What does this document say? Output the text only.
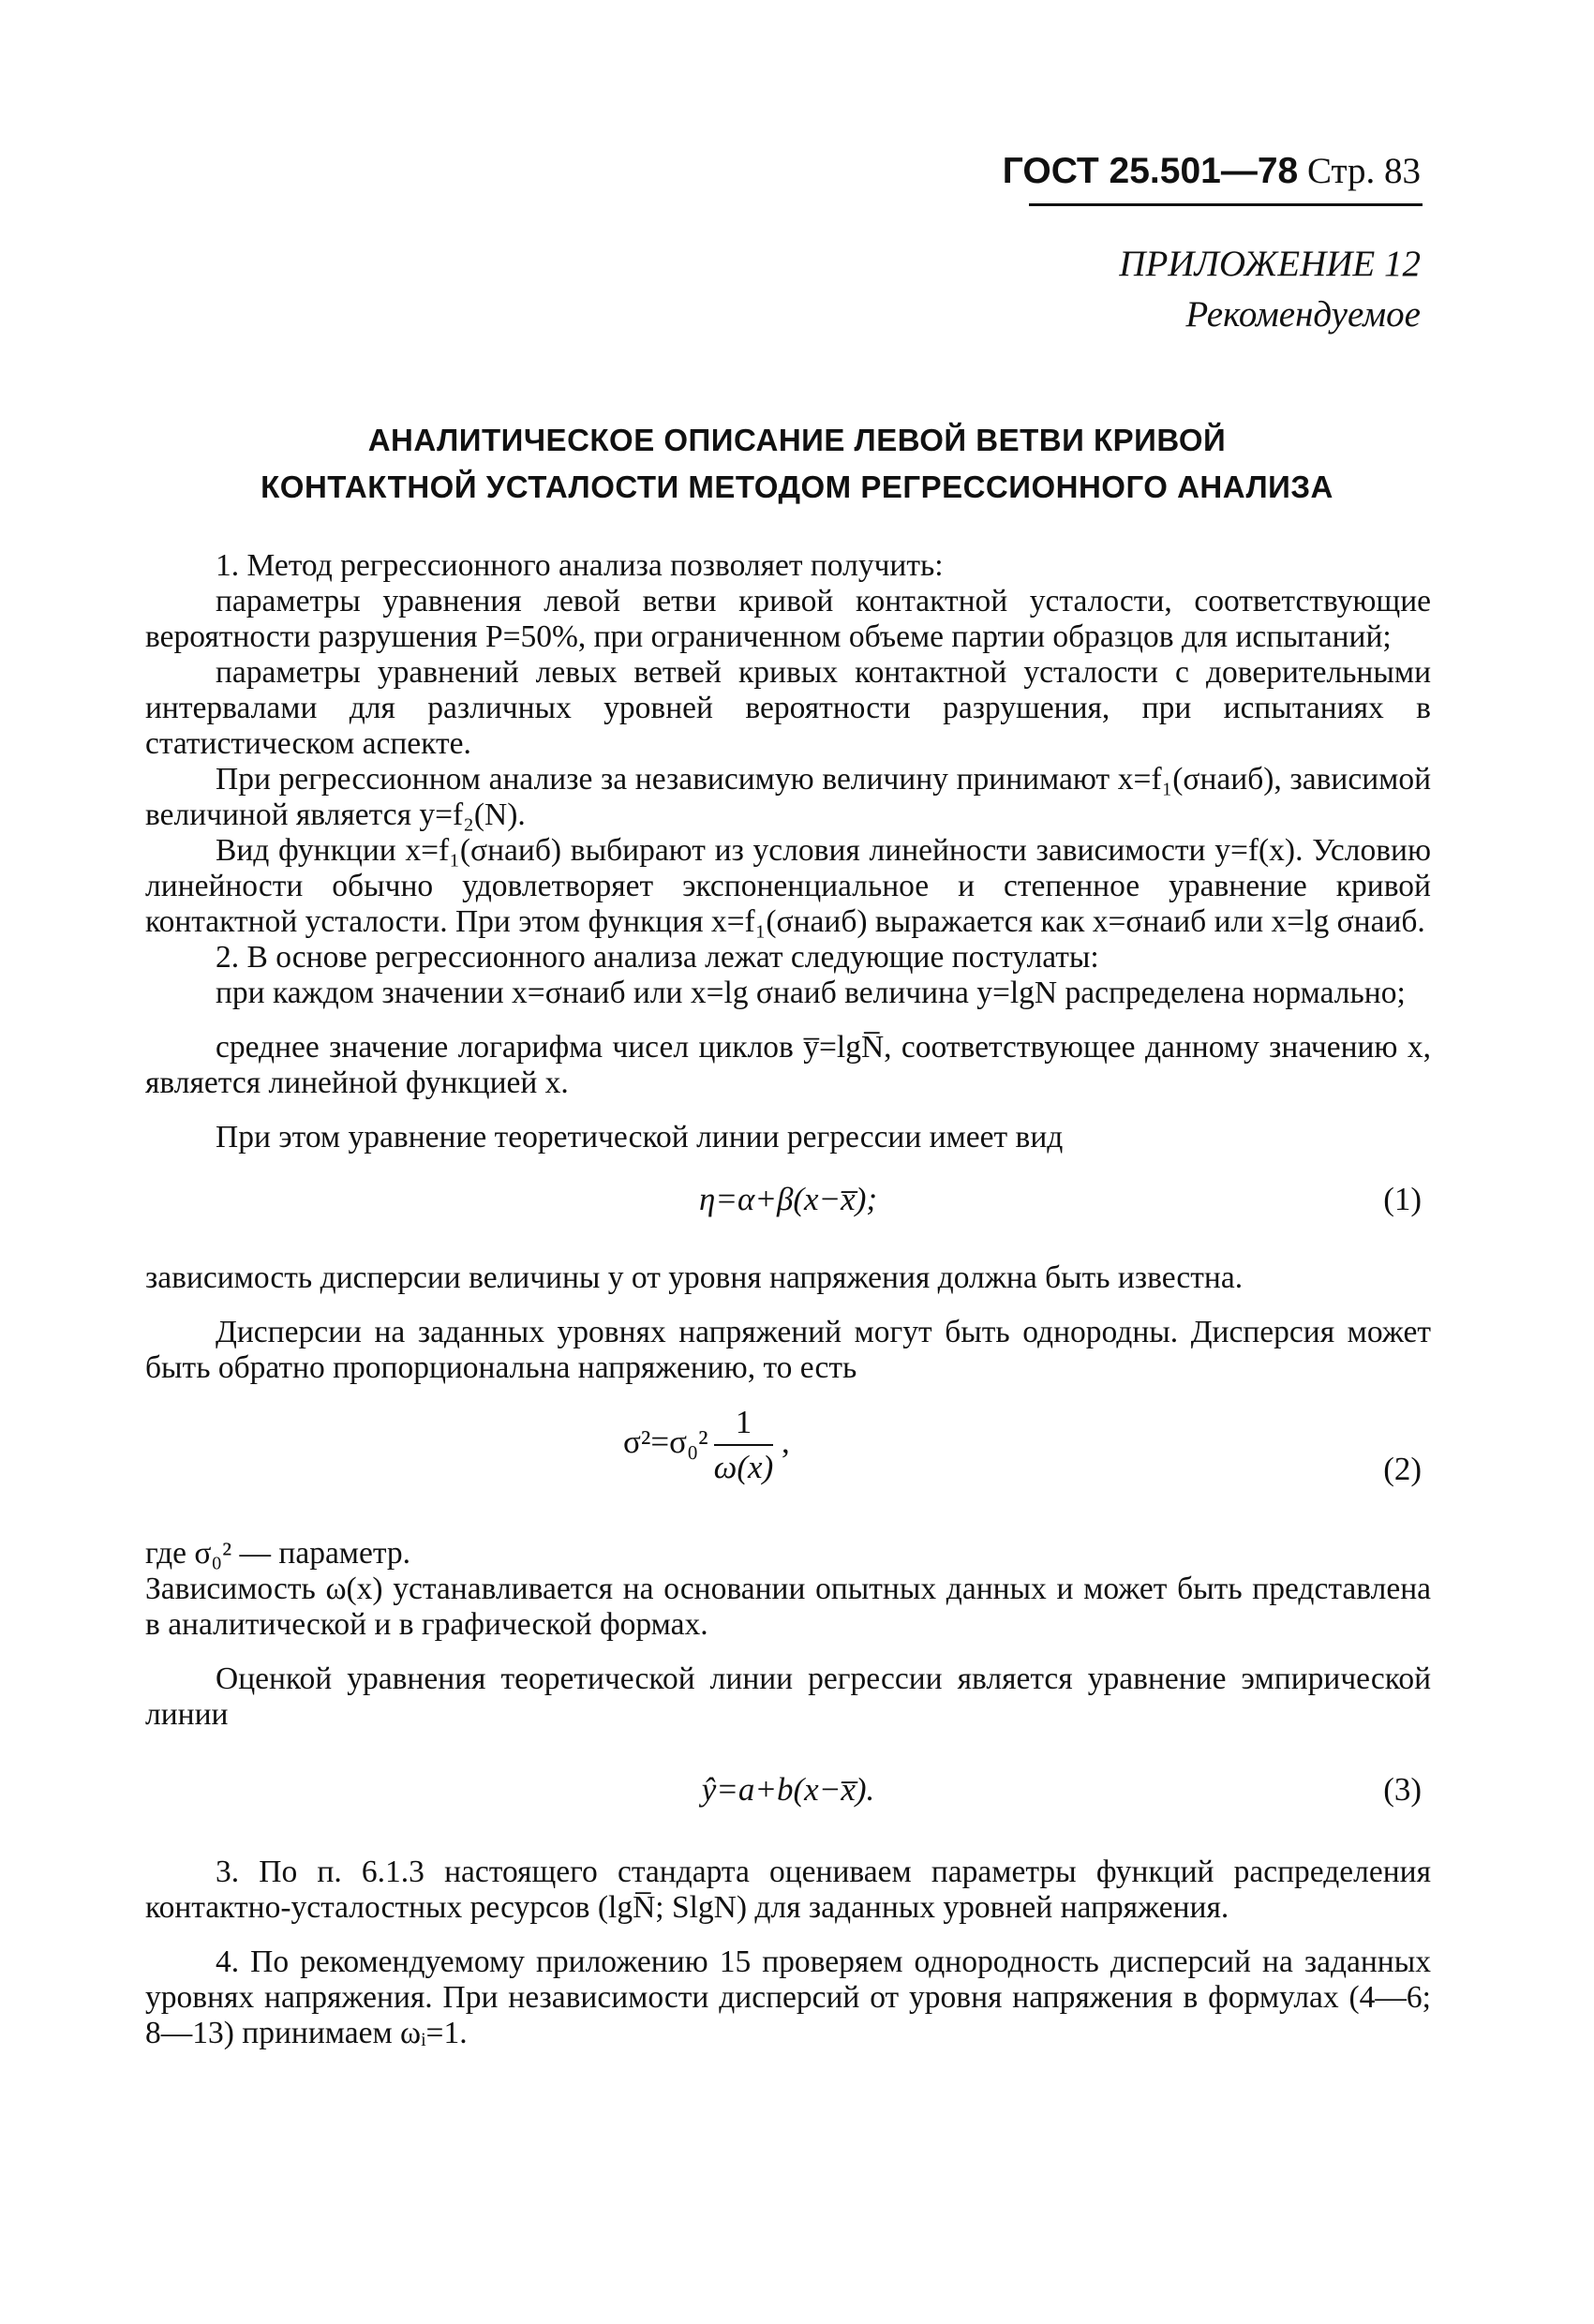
ГОСТ 25.501—78 Стр. 83
ПРИЛОЖЕНИЕ 12
Рекомендуемое
АНАЛИТИЧЕСКОЕ ОПИСАНИЕ ЛЕВОЙ ВЕТВИ КРИВОЙ
КОНТАКТНОЙ УСТАЛОСТИ МЕТОДОМ РЕГРЕССИОННОГО АНАЛИЗА

1. Метод регрессионного анализа позволяет получить:

параметры уравнения левой ветви кривой контактной усталости, соответствующие вероятности разрушения P=50%, при ограниченном объеме партии образцов для испытаний;

параметры уравнений левых ветвей кривых контактной усталости с доверительными интервалами для различных уровней вероятности разрушения, при испытаниях в статистическом аспекте.

При регрессионном анализе за независимую величину принимают x=f₁(σнаиб), зависимой величиной является y=f₂(N).

Вид функции x=f₁(σнаиб) выбирают из условия линейности зависимости y=f(x). Условию линейности обычно удовлетворяет экспоненциальное и степенное уравнение кривой контактной усталости. При этом функция x=f₁(σнаиб) выражается как x=σнаиб или x=lg σнаиб.

2. В основе регрессионного анализа лежат следующие постулаты:

при каждом значении x=σнаиб или x=lg σнаиб величина y=lgN распределена нормально;

среднее значение логарифма чисел циклов y̅=lgN̅, соответствующее данному значению x, является линейной функцией x.

При этом уравнение теоретической линии регрессии имеет вид

η=α+β(x−x̅);	(1)

зависимость дисперсии величины y от уровня напряжения должна быть известна.

Дисперсии на заданных уровнях напряжений могут быть однородны. Дисперсия может быть обратно пропорциональна напряжению, то есть

$\sigma^2=\sigma_0^2 \frac{1}{\omega(x)}$ ,
(2)

где σ₀² — параметр.

Зависимость ω(x) устанавливается на основании опытных данных и может быть представлена в аналитической и в графической формах.

Оценкой уравнения теоретической линии регрессии является уравнение эмпирической линии

ŷ=a+b(x−x̅).	(3)

3. По п. 6.1.3 настоящего стандарта оцениваем параметры функций распределения контактно-усталостных ресурсов (lgN̅; SlgN) для заданных уровней напряжения.

4. По рекомендуемому приложению 15 проверяем однородность дисперсий на заданных уровнях напряжения. При независимости дисперсий от уровня напряжения в формулах (4—6; 8—13) принимаем ωᵢ=1.
